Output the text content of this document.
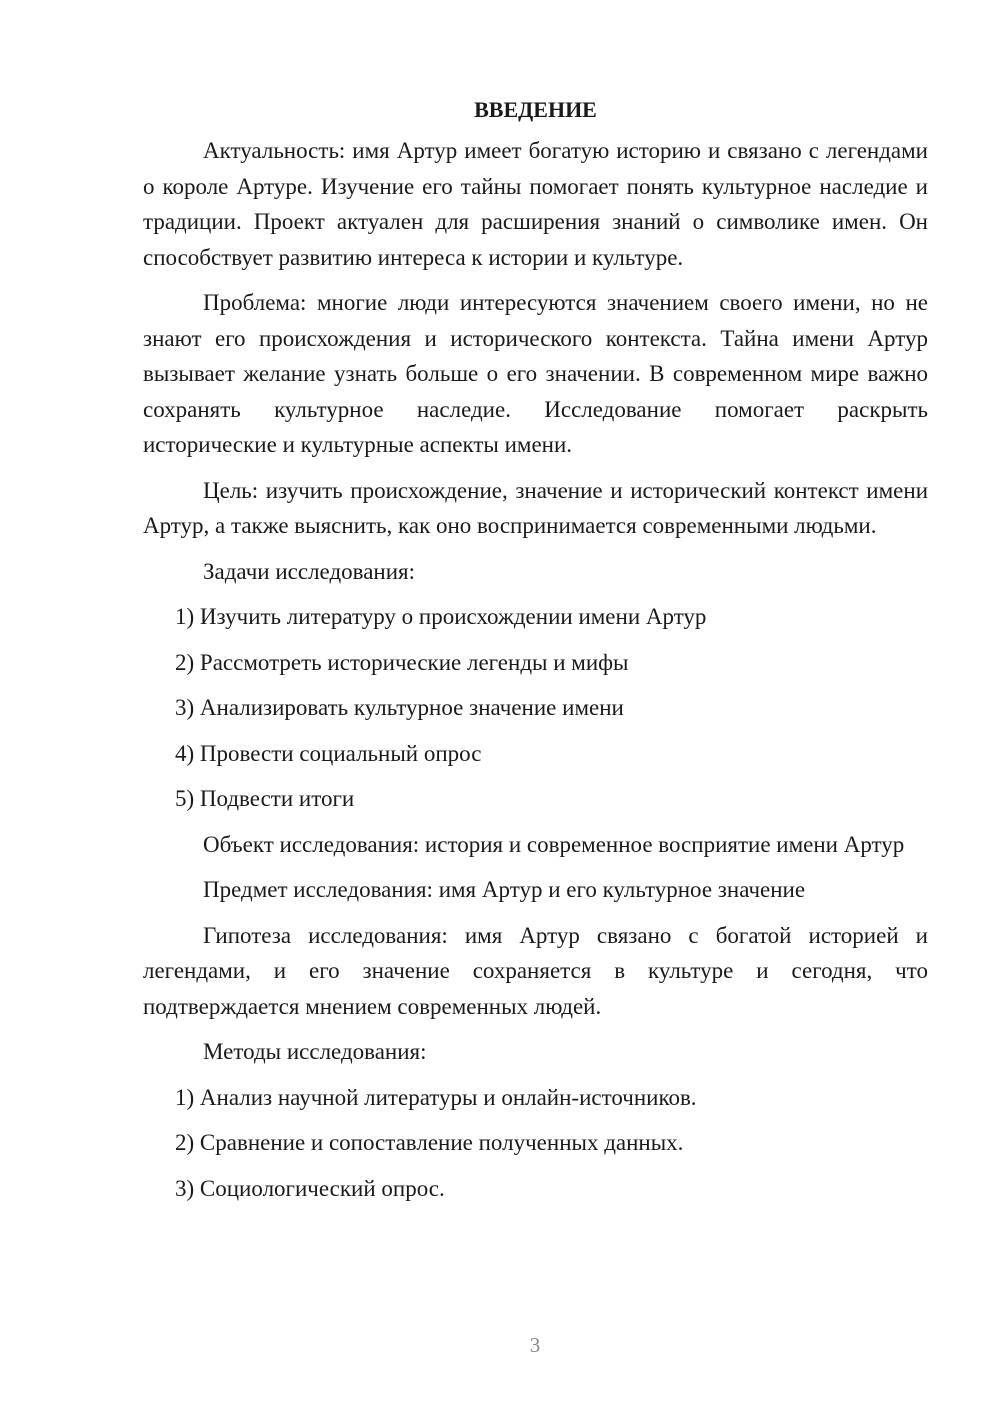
ВВЕДЕНИЕ

Актуальность: имя Артур имеет богатую историю и связано с легендами о короле Артуре. Изучение его тайны помогает понять культурное наследие и традиции. Проект актуален для расширения знаний о символике имен. Он способствует развитию интереса к истории и культуре.

Проблема: многие люди интересуются значением своего имени, но не знают его происхождения и исторического контекста. Тайна имени Артур вызывает желание узнать больше о его значении. В современном мире важно сохранять культурное наследие. Исследование помогает раскрыть исторические и культурные аспекты имени.

Цель: изучить происхождение, значение и исторический контекст имени Артур, а также выяснить, как оно воспринимается современными людьми.

Задачи исследования:

1) Изучить литературу о происхождении имени Артур
2) Рассмотреть исторические легенды и мифы
3) Анализировать культурное значение имени
4) Провести социальный опрос
5) Подвести итоги

Объект исследования: история и современное восприятие имени Артур

Предмет исследования: имя Артур и его культурное значение

Гипотеза исследования: имя Артур связано с богатой историей и легендами, и его значение сохраняется в культуре и сегодня, что подтверждается мнением современных людей.

Методы исследования:

1) Анализ научной литературы и онлайн-источников.
2) Сравнение и сопоставление полученных данных.
3) Социологический опрос.
3
